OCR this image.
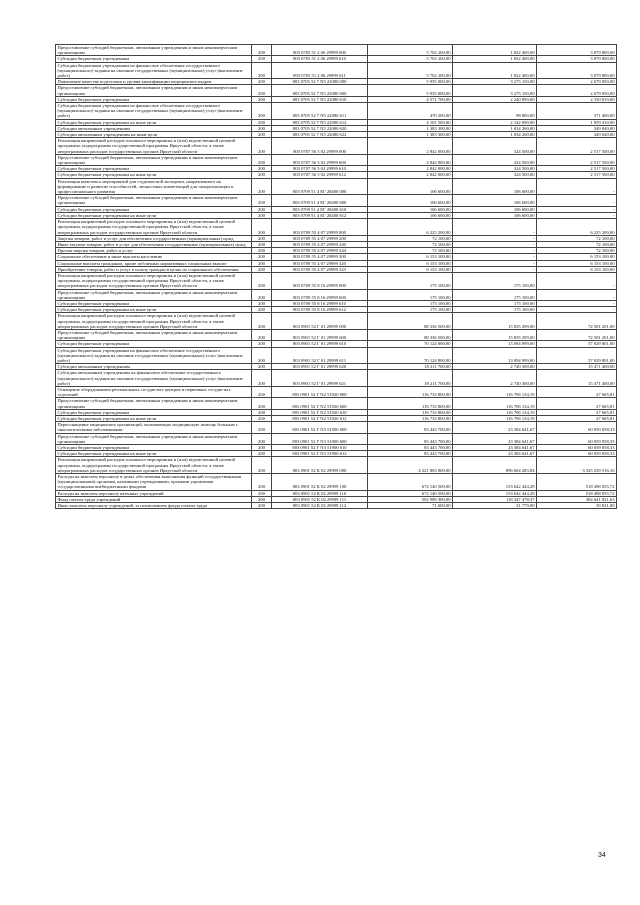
Предоставление субсидий бюджетным, автономным учреждениям и иным некоммерческим организациям	200	803 0705 51 2 06 29999 600	5 702 200,00	1 822 400,00	3 879 800,00
Субсидии бюджетным учреждениям	200	803 0705 51 2 06 29999 610	5 702 200,00	1 822 400,00	3 879 800,00
Субсидии бюджетным учреждениям на финансовое обеспечение государственного (муниципального) задания на оказание государственных (муниципальных) услуг (выполнение работ)	200	803 0705 51 2 06 29999 611	5 702 200,00	1 822 400,00	3 879 800,00
Повышение качества подготовки и уровня квалификации медицинских кадров	200	803 0705 52 7 N5 22080 000	5 955 000,00	3 275 150,00	2 679 850,00
Предоставление субсидий бюджетным, автономным учреждениям и иным некоммерческим организациям	200	803 0705 52 7 N5 22080 600	5 955 000,00	3 275 150,00	2 679 850,00
Субсидии бюджетным учреждениям	200	803 0705 52 7 N5 22080 610	4 571 700,00	2 240 890,00	2 330 810,00
Субсидии бюджетным учреждениям на финансовое обеспечение государственного (муниципального) задания на оказание государственных (муниципальных) услуг (выполнение работ)	200	803 0705 52 7 N5 22080 611	470 200,00	98 800,00	371 400,00
Субсидии бюджетным учреждениям на иные цели	200	803 0705 52 7 N5 22080 612	4 101 500,00	2 142 090,00	1 959 410,00
Субсидии автономным учреждениям	200	803 0705 52 7 N5 22080 620	1 383 300,00	1 034 260,00	349 040,00
Субсидии автономным учреждениям на иные цели	200	803 0705 52 7 N5 22080 622	1 383 300,00	1 034 260,00	349 040,00
Реализация направлений расходов основного мероприятия и (или) ведомственной целевой программы, подпрограммы государственной программы Иркутской области, а также непрограммных расходов государственных органов Иркутской области	200	803 0707 56 5 02 29999 000	2 842 000,00	324 500,00	2 517 500,00
Предоставление субсидий бюджетным, автономным учреждениям и иным некоммерческим организациям	200	803 0707 56 5 02 29999 600	2 842 000,00	324 500,00	2 517 500,00
Субсидии бюджетным учреждениям	200	803 0707 56 5 02 29999 610	2 842 000,00	324 500,00	2 517 500,00
Субсидии бюджетным учреждениям на иные цели	200	803 0707 56 5 02 29999 612	2 842 000,00	324 500,00	2 517 500,00
Реализация комплекса мероприятий для студенческой молодежи, направленного на формирование и развитие способностей, личностных компетенций для самореализации и профессионального развития	200	803 0709 51 4 EГ 28400 000	106 600,00	106 600,00	-
Предоставление субсидий бюджетным, автономным учреждениям и иным некоммерческим организациям	200	803 0709 51 4 EГ 28400 600	106 600,00	106 600,00	-
Субсидии бюджетным учреждениям	200	803 0709 51 4 EГ 28400 610	106 600,00	106 600,00	-
Субсидии бюджетным учреждениям на иные цели	200	803 0709 51 4 EГ 28400 612	106 600,00	106 600,00	-
Реализация направлений расходов основного мероприятия и (или) ведомственной целевой программы, подпрограммы государственной программы Иркутской области, а также непрограммных расходов государственных органов Иркутской области	200	803 0709 55 4 07 29999 000	6 225 200,00	-	6 225 200,00
Закупка товаров, работ и услуг для обеспечения государственных (муниципальных) нужд	200	803 0709 55 4 07 29999 200	72 100,00	-	72 100,00
Иные закупки товаров, работ и услуг для обеспечения государственных (муниципальных) нужд	200	803 0709 55 4 07 29999 240	72 100,00	-	72 100,00
Прочая закупка товаров, работ и услуг	200	803 0709 55 4 07 29999 244	72 100,00	-	72 100,00
Социальное обеспечение и иные выплаты населению	200	803 0709 55 4 07 29999 300	6 153 100,00	-	6 153 100,00
Социальные выплаты гражданам, кроме публичных нормативных социальных выплат	200	803 0709 55 4 07 29999 320	6 153 100,00	-	6 153 100,00
Приобретение товаров, работ и услуг в пользу граждан в целях их социального обеспечения	200	803 0709 55 4 07 29999 323	6 153 100,00	-	6 153 100,00
Реализация направлений расходов основного мероприятия и (или) ведомственной целевой программы, подпрограммы государственной программы Иркутской области, а также непрограммных расходов государственных органов Иркутской области	200	803 0709 55 8 16 29999 000	175 100,00	175 100,00	-
Предоставление субсидий бюджетным, автономным учреждениям и иным некоммерческим организациям	200	803 0709 55 8 16 29999 600	175 100,00	175 100,00	-
Субсидии бюджетным учреждениям	200	803 0709 55 8 16 29999 610	175 100,00	175 100,00	-
Субсидии бюджетным учреждениям на иные цели	200	803 0709 55 8 16 29999 612	175 100,00	175 100,00	-
Реализация направлений расходов основного мероприятия и (или) ведомственной целевой программы, подпрограммы государственной программы Иркутской области, а также непрограммных расходов государственных органов Иркутской области	200	803 0901 52 Г 01 29999 000	88 336 500,00	15 835 299,00	72 501 201,00
Предоставление субсидий бюджетным, автономным учреждениям и иным некоммерческим организациям	200	803 0901 52 Г 01 29999 600	88 336 500,00	15 835 299,00	72 501 201,00
Субсидии бюджетным учреждениям	200	803 0901 52 Г 01 29999 610	70 124 800,00	13 094 999,00	57 029 801,00
Субсидии бюджетным учреждениям на финансовое обеспечение государственного (муниципального) задания на оказание государственных (муниципальных) услуг (выполнение работ)	200	803 0901 52 Г 01 29999 611	70 124 800,00	13 094 999,00	57 029 801,00
Субсидии автономным учреждениям	200	803 0901 52 Г 01 29999 620	18 211 700,00	2 740 300,00	15 471 400,00
Субсидии автономным учреждениям на финансовое обеспечение государственного (муниципального) задания на оказание государственных (муниципальных) услуг (выполнение работ)	200	803 0901 52 Г 01 29999 621	18 211 700,00	2 740 300,00	15 471 400,00
Оснащение оборудованием региональных сосудистых центров и первичных сосудистых отделений	200	803 0901 52 Г N2 51920 000	116 733 800,00	116 706 134,19	27 665,81
Предоставление субсидий бюджетным, автономным учреждениям и иным некоммерческим организациям	200	803 0901 52 Г N2 51920 600	116 733 800,00	116 706 134,19	27 665,81
Субсидии бюджетным учреждениям	200	803 0901 52 Г N2 51920 610	116 733 800,00	116 706 134,19	27 665,81
Субсидии бюджетным учреждениям на иные цели	200	803 0901 52 Г N2 51920 612	116 733 800,00	116 706 134,19	27 665,81
Переоснащение медицинских организаций, оказывающих медицинскую помощь больным с онкологическими заболеваниями	200	803 0901 52 Г N3 51900 000	83 443 700,00	23 384 641,67	60 059 058,33
Предоставление субсидий бюджетным, автономным учреждениям и иным некоммерческим организациям	200	803 0901 52 Г N3 51900 600	83 443 700,00	23 384 641,67	60 059 058,33
Субсидии бюджетным учреждениям	200	803 0901 52 Г N3 51900 610	83 443 700,00	23 384 641,67	60 059 058,33
Субсидии бюджетным учреждениям на иные цели	200	803 0901 52 Г N3 51900 612	83 443 700,00	23 384 641,67	60 059 058,33
Реализация направлений расходов основного мероприятия и (или) ведомственной целевой программы, подпрограммы государственной программы Иркутской области, а также непрограммных расходов государственных органов Иркутской области	200	803 0901 52 К 02 29999 000	4 221 803 800,00	896 604 283,84	3 325 239 516,16
Расходы на выплаты персоналу в целях обеспечения выполнения функций государственными (муниципальными) органами, казенными учреждениями, органами управления государственными внебюджетными фондами	200	803 0901 52 К 02 29999 100	672 140 500,00	153 642 444,28	518 498 055,72
Расходы на выплаты персоналу казенных учреждений	200	803 0901 52 К 02 29999 110	672 140 500,00	153 642 444,28	518 498 055,72
Фонд оплаты труда учреждений	200	803 0901 52 К 02 29999 111	502 989 300,00	118 347 478,37	384 641 821,63
Иные выплаты персоналу учреждений, за исключением фонда оплаты труда	200	803 0901 52 К 02 29999 112	71 600,00	31 779,00	39 821,00
34
